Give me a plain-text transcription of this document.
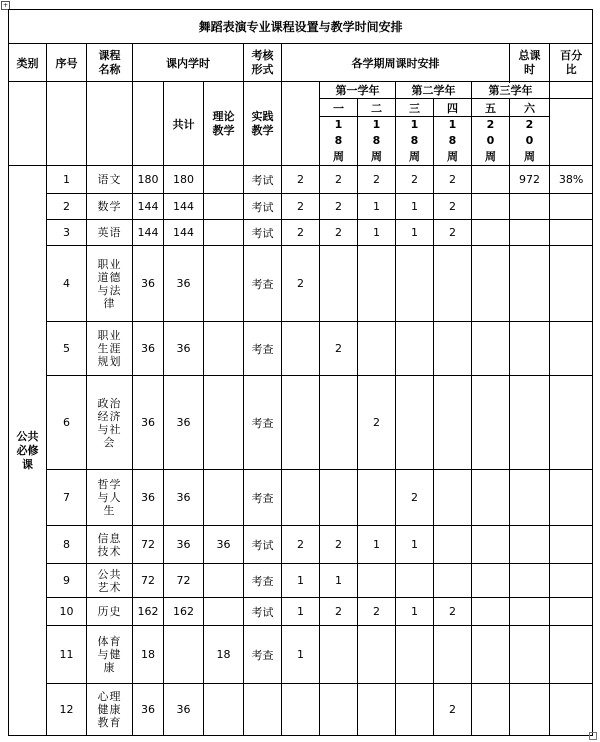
+
舞蹈表演专业课程设置与教学时间安排															
类别	序号	课程名称	课内学时			考核形式	各学期周课时安排						总课时	百分比	

				共计	理论教学	实践教学		第一学年		第二学年		第三学年			

								一	二	三	四	五	六		
								18周	18周	18周	18周	20周	20周		
公共必修课	1	语文	180	180		考试	2	2	2	2	2		972	38%	
	2	数学	144	144		考试	2	2	1	1	2				
	3	英语	144	144		考试	2	2	1	1	2				
	4	职业道德与法律	36	36		考查	2								
	5	职业生涯规划	36	36		考查		2							
	6	政治经济与社会	36	36		考查			2						
	7	哲学与人生	36	36		考查				2					
	8	信息技术	72	36	36	考试	2	2	1	1					
	9	公共艺术	72	72		考查	1	1							
	10	历史	162	162		考试	1	2	2	1	2				
	11	体育与健康	18		18	考查	1								
	12	心理健康教育	36	36							2				
